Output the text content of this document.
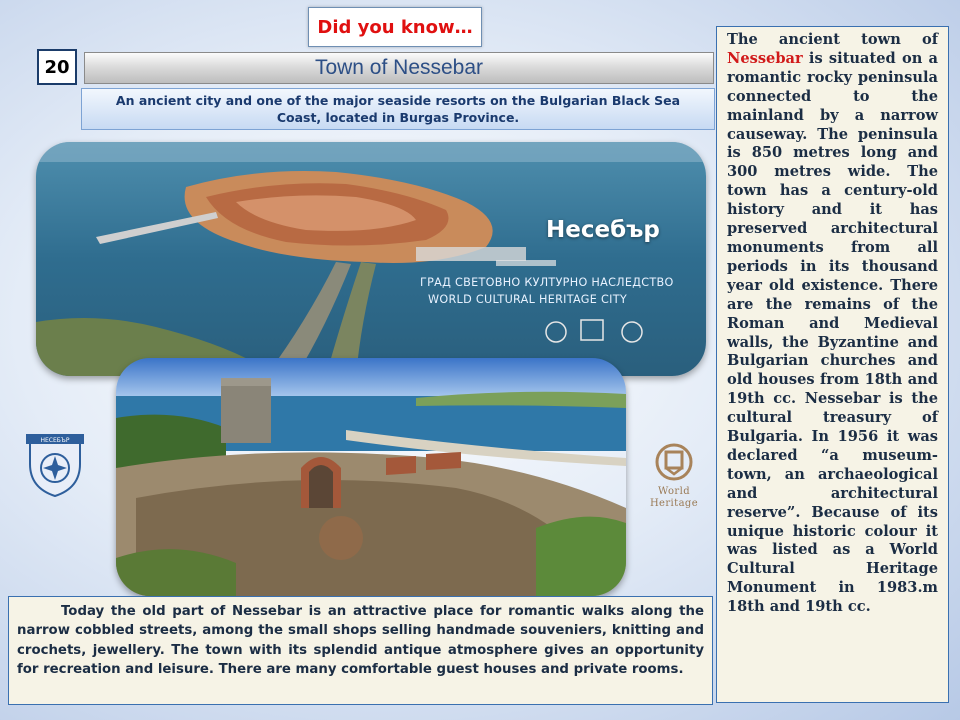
Did you know…
20	Town of Nessebar
An ancient city and one of the major seaside resorts on the Bulgarian Black Sea Coast, located in Burgas Province.
Несебър
ГРАД СВЕТОВНО КУЛТУРНО НАСЛЕДСТВО
WORLD CULTURAL HERITAGE CITY
НЕСЕБЪР
World
Heritage
The ancient town of Nessebar is situated on a romantic rocky peninsula connected to the mainland by a narrow causeway. The peninsula is 850 metres long and 300 metres wide. The town has a century-old history and it has preserved architectural monuments from all periods in its thousand year old existence. There are the remains of the Roman and Medieval walls, the Byzantine and Bulgarian churches and old houses from 18th and 19th cc. Nessebar is the cultural treasury of Bulgaria. In 1956 it was declared “a museum-town, an archaeological and architectural reserve”. Because of its unique historic colour it was listed as a World Cultural Heritage Monument in 1983.m 18th and 19th cc.
Today the old part of Nessebar is an attractive place for romantic walks along the narrow cobbled streets, among the small shops selling handmade souveniers, knitting and crochets, jewellery. The town with its splendid antique atmosphere gives an opportunity for recreation and leisure. There are many comfortable guest houses and private rooms.
